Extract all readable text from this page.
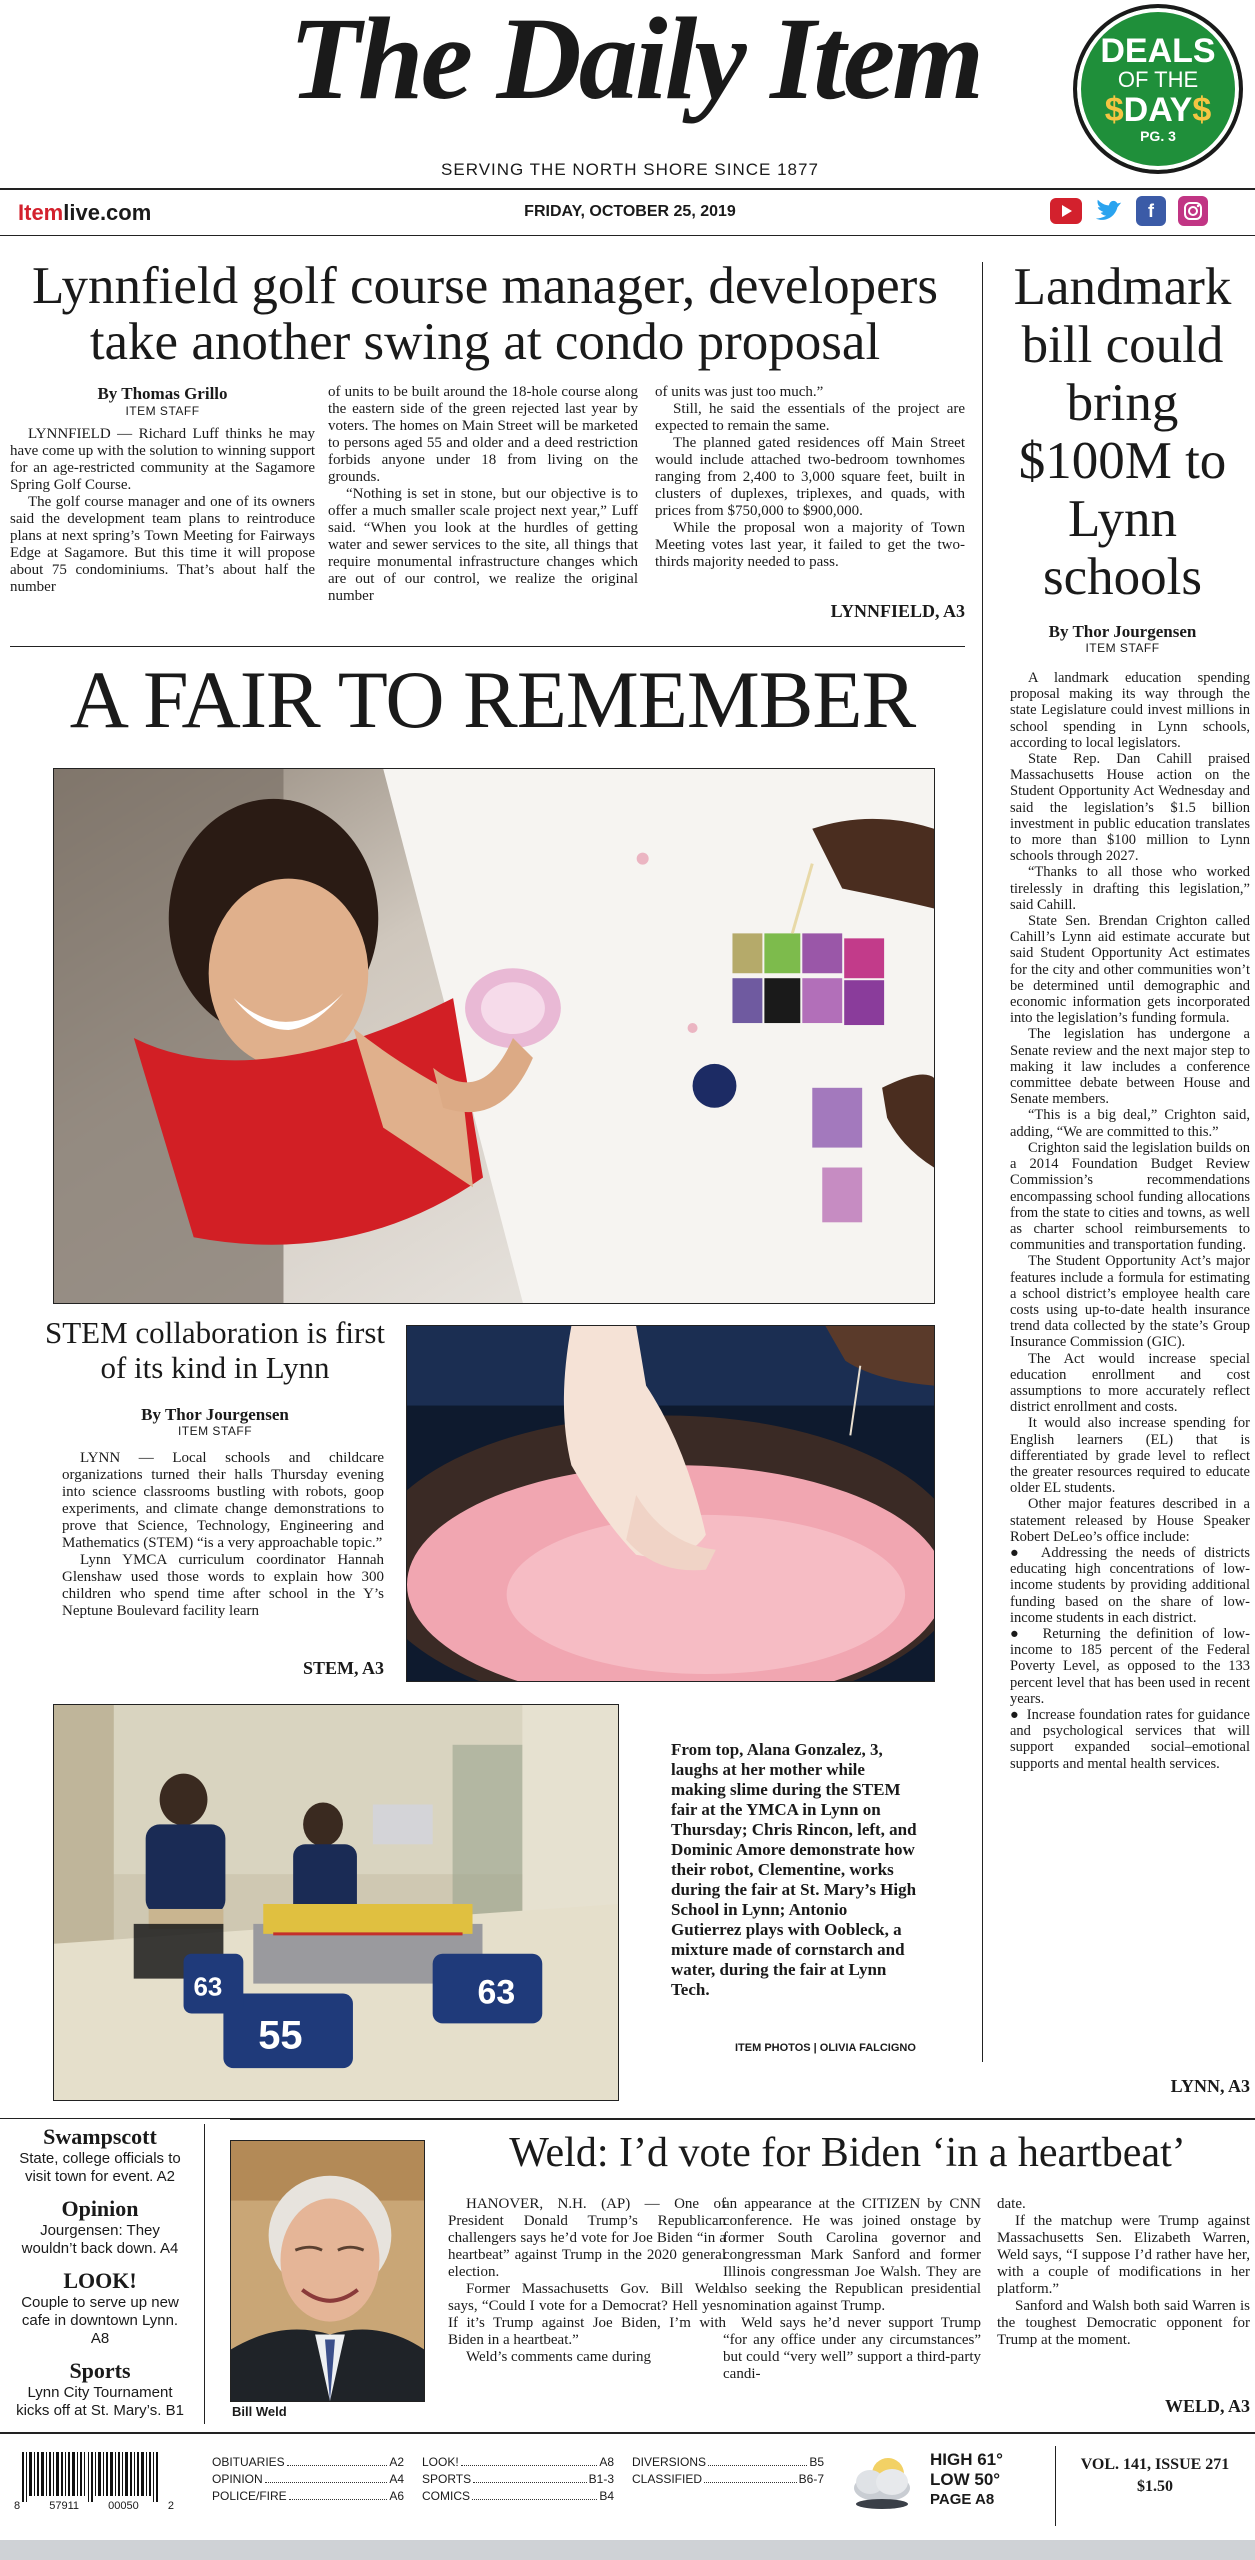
The Daily Item
SERVING THE NORTH SHORE SINCE 1877
DEALS
OF THE
$DAY$
PG. 3
Itemlive.com	FRIDAY, OCTOBER 25, 2019	f
Lynnfield golf course manager, developers take another swing at condo proposal
By Thomas Grillo
ITEM STAFF

LYNNFIELD — Richard Luff thinks he may have come up with the solution to winning support for an age-restricted community at the Sagamore Spring Golf Course.

The golf course manager and one of its owners said the development team plans to reintroduce plans at next spring’s Town Meeting for Fairways Edge at Sagamore. But this time it will propose about 75 condominiums. That’s about half the number

of units to be built around the 18-hole course along the eastern side of the green rejected last year by voters. The homes on Main Street will be marketed to persons aged 55 and older and a deed restriction forbids anyone under 18 from living on the grounds.

“Nothing is set in stone, but our objective is to offer a much smaller scale project next year,” Luff said. “When you look at the hurdles of getting water and sewer services to the site, all things that require monumental infrastructure changes which are out of our control, we realize the original number

of units was just too much.”

Still, he said the essentials of the project are expected to remain the same.

The planned gated residences off Main Street would include attached two-bedroom townhomes ranging from 2,400 to 3,000 square feet, built in clusters of duplexes, triplexes, and quads, with prices from $750,000 to $900,000.

While the proposal won a majority of Town Meeting votes last year, it failed to get the two-thirds majority needed to pass.

LYNNFIELD, A3
Landmark bill could bring $100M to Lynn schools
By Thor Jourgensen
ITEM STAFF

A landmark education spending proposal making its way through the state Legislature could invest millions in school spending in Lynn schools, according to local legislators.

State Rep. Dan Cahill praised Massachusetts House action on the Student Opportunity Act Wednesday and said the legislation’s $1.5 billion investment in public education translates to more than $100 million to Lynn schools through 2027.

“Thanks to all those who worked tirelessly in drafting this legislation,” said Cahill.

State Sen. Brendan Crighton called Cahill’s Lynn aid estimate accurate but said Student Opportunity Act estimates for the city and other communities won’t be determined until demographic and economic information gets incorporated into the legislation’s funding formula.

The legislation has undergone a Senate review and the next major step to making it law includes a conference committee debate between House and Senate members.

“This is a big deal,” Crighton said, adding, “We are committed to this.”

Crighton said the legislation builds on a 2014 Foundation Budget Review Commission’s recommendations encompassing school funding allocations from the state to cities and towns, as well as charter school reimbursements to communities and transportation funding.

The Student Opportunity Act’s major features include a formula for estimating a school district’s employee health care costs using up-to-date health insurance trend data collected by the state’s Group Insurance Commission (GIC).

The Act would increase special education enrollment and cost assumptions to more accurately reflect district enrollment and costs.

It would also increase spending for English learners (EL) that is differentiated by grade level to reflect the greater resources required to educate older EL students.

Other major features described in a statement released by House Speaker Robert DeLeo’s office include:

●  Addressing the needs of districts educating high concentrations of low-income students by providing additional funding based on the share of low-income students in each district.
●  Returning the definition of low-income to 185 percent of the Federal Poverty Level, as opposed to the 133 percent level that has been used in recent years.
●  Increase foundation rates for guidance and psychological services that will support expanded social–emotional supports and mental health services.
LYNN, A3
A FAIR TO REMEMBER
STEM collaboration is first of its kind in Lynn
By Thor Jourgensen
ITEM STAFF

LYNN — Local schools and childcare organizations turned their halls Thursday evening into science classrooms bustling with robots, goop experiments, and climate change demonstrations to prove that Science, Technology, Engineering and Mathematics (STEM) “is a very approachable topic.”

Lynn YMCA curriculum coordinator Hannah Glenshaw used those words to explain how 300 children who spend time after school in the Y’s Neptune Boulevard facility learn

STEM, A3
63
55
63
From top, Alana Gonzalez, 3, laughs at her mother while making slime during the STEM fair at the YMCA in Lynn on Thursday; Chris Rincon, left, and Dominic Amore demonstrate how their robot, Clementine, works during the fair at St. Mary’s High School in Lynn; Antonio Gutierrez plays with Oobleck, a mixture made of cornstarch and water, during the fair at Lynn Tech.
ITEM PHOTOS | OLIVIA FALCIGNO
Swampscott
State, college officials to visit town for event. A2
Opinion
Jourgensen: They wouldn’t back down. A4
LOOK!
Couple to serve up new cafe in downtown Lynn. A8
Sports
Lynn City Tournament kicks off at St. Mary’s. B1
Weld: I’d vote for Biden ‘in a heartbeat’
Bill Weld

HANOVER, N.H. (AP) — One of President Donald Trump’s Republican challengers says he’d vote for Joe Biden “in a heartbeat” against Trump in the 2020 general election.

Former Massachusetts Gov. Bill Weld says, “Could I vote for a Democrat? Hell yes. If it’s Trump against Joe Biden, I’m with Biden in a heartbeat.”

Weld’s comments came during

an appearance at the CITIZEN by CNN conference. He was joined onstage by former South Carolina governor and congressman Mark Sanford and former Illinois congressman Joe Walsh. They are also seeking the Republican presidential nomination against Trump.

Weld says he’d never support Trump “for any office under any circumstances” but could “very well” support a third-party candi-

date.

If the matchup were Trump against Massachusetts Sen. Elizabeth Warren, Weld says, “I suppose I’d rather have her, with a couple of modifications in her platform.”

Sanford and Walsh both said Warren is the toughest Democratic opponent for Trump at the moment.

WELD, A3
8	57911	00050	2
OBITUARIES	A2
OPINION	A4
POLICE/FIRE	A6
LOOK!	A8
SPORTS	B1-3
COMICS	B4
DIVERSIONS	B5
CLASSIFIED	B6-7
HIGH 61°
LOW 50°
PAGE A8
VOL. 141, ISSUE 271
$1.50
